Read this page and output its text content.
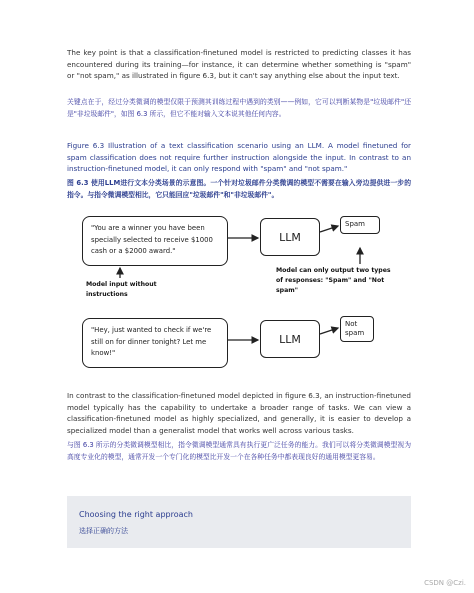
The key point is that a classification-finetuned model is restricted to predicting classes it has encountered during its training—for instance, it can determine whether something is "spam" or "not spam," as illustrated in figure 6.3, but it can't say anything else about the input text.

关键点在于，经过分类微调的模型仅限于预测其训练过程中遇到的类别——例如，它可以判断某物是"垃圾邮件"还是"非垃圾邮件"，如图 6.3 所示，但它不能对输入文本说其他任何内容。

Figure 6.3 Illustration of a text classification scenario using an LLM. A model finetuned for spam classification does not require further instruction alongside the input. In contrast to an instruction-finetuned model, it can only respond with "spam" and "not spam."

图 6.3 使用LLM进行文本分类场景的示意图。一个针对垃圾邮件分类微调的模型不需要在输入旁边提供进一步的指令。与指令微调模型相比，它只能回应"垃圾邮件"和"非垃圾邮件"。

"You are a winner you have been specially selected to receive $1000 cash or a $2000 award."
LLM
Spam
Model input without instructions
Model can only output two types of responses: "Spam" and "Not spam"
"Hey, just wanted to check if we're still on for dinner tonight? Let me know!"
LLM
Not spam

In contrast to the classification-finetuned model depicted in figure 6.3, an instruction-finetuned model typically has the capability to undertake a broader range of tasks. We can view a classification-finetuned model as highly specialized, and generally, it is easier to develop a specialized model than a generalist model that works well across various tasks.

与图 6.3 所示的分类微调模型相比，指令微调模型通常具有执行更广泛任务的能力。我们可以将分类微调模型视为高度专业化的模型，通常开发一个专门化的模型比开发一个在各种任务中都表现良好的通用模型更容易。

Choosing the right approach
选择正确的方法
CSDN @Czi.
